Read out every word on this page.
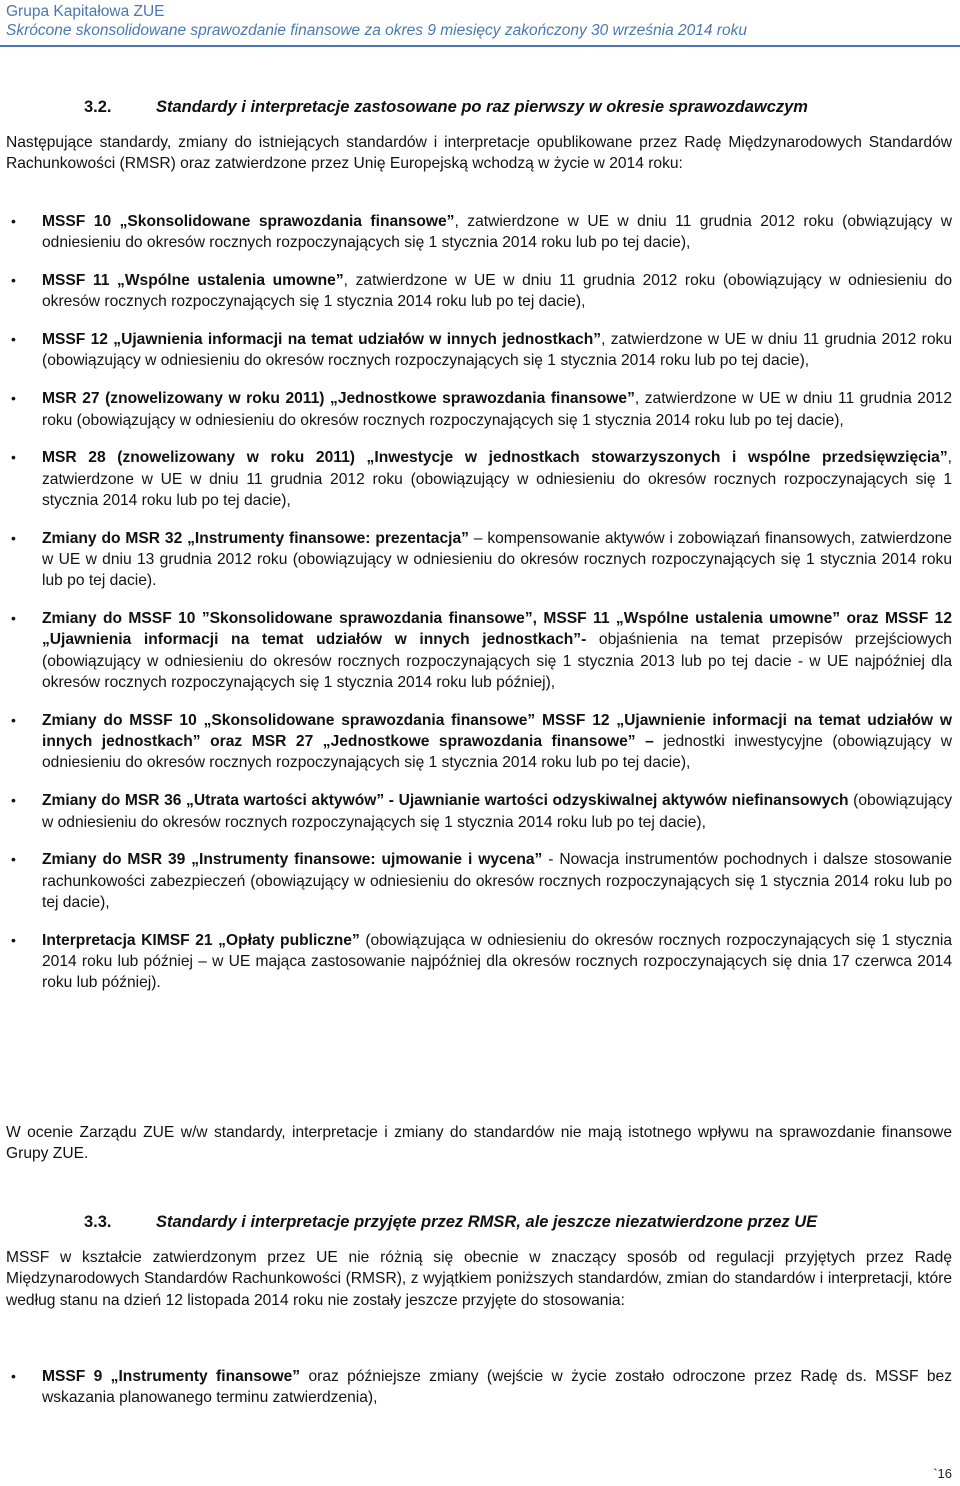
Grupa Kapitałowa ZUE
Skrócone skonsolidowane sprawozdanie finansowe za okres 9 miesięcy zakończony 30 września 2014 roku
3.2.	Standardy i interpretacje zastosowane po raz pierwszy w okresie sprawozdawczym
Następujące standardy, zmiany do istniejących standardów i interpretacje opublikowane przez Radę Międzynarodowych Standardów Rachunkowości (RMSR) oraz zatwierdzone przez Unię Europejską wchodzą w życie w 2014 roku:
• MSSF 10 „Skonsolidowane sprawozdania finansowe”, zatwierdzone w UE w dniu 11 grudnia 2012 roku (obwiązujący w odniesieniu do okresów rocznych rozpoczynających się 1 stycznia 2014 roku lub po tej dacie),
• MSSF 11 „Wspólne ustalenia umowne”, zatwierdzone w UE w dniu 11 grudnia 2012 roku (obowiązujący w odniesieniu do okresów rocznych rozpoczynających się 1 stycznia 2014 roku lub po tej dacie),
• MSSF 12 „Ujawnienia informacji na temat udziałów w innych jednostkach”, zatwierdzone w UE w dniu 11 grudnia 2012 roku (obowiązujący w odniesieniu do okresów rocznych rozpoczynających się 1 stycznia 2014 roku lub po tej dacie),
• MSR 27 (znowelizowany w roku 2011) „Jednostkowe sprawozdania finansowe”, zatwierdzone w UE w dniu 11 grudnia 2012 roku (obowiązujący w odniesieniu do okresów rocznych rozpoczynających się 1 stycznia 2014 roku lub po tej dacie),
• MSR 28 (znowelizowany w roku 2011) „Inwestycje w jednostkach stowarzyszonych i wspólne przedsięwzięcia”, zatwierdzone w UE w dniu 11 grudnia 2012 roku (obowiązujący w odniesieniu do okresów rocznych rozpoczynających się 1 stycznia 2014 roku lub po tej dacie),
• Zmiany do MSR 32 „Instrumenty finansowe: prezentacja” – kompensowanie aktywów i zobowiązań finansowych, zatwierdzone w UE w dniu 13 grudnia 2012 roku (obowiązujący w odniesieniu do okresów rocznych rozpoczynających się 1 stycznia 2014 roku lub po tej dacie).
• Zmiany do MSSF 10 ”Skonsolidowane sprawozdania finansowe”, MSSF 11 „Wspólne ustalenia umowne” oraz MSSF 12 „Ujawnienia informacji na temat udziałów w innych jednostkach”- objaśnienia na temat przepisów przejściowych (obowiązujący w odniesieniu do okresów rocznych rozpoczynających się 1 stycznia 2013 lub po tej dacie - w UE najpóźniej dla okresów rocznych rozpoczynających się 1 stycznia 2014 roku lub później),
• Zmiany do MSSF 10 „Skonsolidowane sprawozdania finansowe” MSSF 12 „Ujawnienie informacji na temat udziałów w innych jednostkach” oraz MSR 27 „Jednostkowe sprawozdania finansowe” – jednostki inwestycyjne (obowiązujący w odniesieniu do okresów rocznych rozpoczynających się 1 stycznia 2014 roku lub po tej dacie),
• Zmiany do MSR 36 „Utrata wartości aktywów” - Ujawnianie wartości odzyskiwalnej aktywów niefinansowych (obowiązujący w odniesieniu do okresów rocznych rozpoczynających się 1 stycznia 2014 roku lub po tej dacie),
• Zmiany do MSR 39 „Instrumenty finansowe: ujmowanie i wycena” - Nowacja instrumentów pochodnych i dalsze stosowanie rachunkowości zabezpieczeń (obowiązujący w odniesieniu do okresów rocznych rozpoczynających się 1 stycznia 2014 roku lub po tej dacie),
• Interpretacja KIMSF 21 „Opłaty publiczne” (obowiązująca w odniesieniu do okresów rocznych rozpoczynających się 1 stycznia 2014 roku lub później – w UE mająca zastosowanie najpóźniej dla okresów rocznych rozpoczynających się dnia 17 czerwca 2014 roku lub później).
W ocenie Zarządu ZUE w/w standardy, interpretacje i zmiany do standardów nie mają istotnego wpływu na sprawozdanie finansowe Grupy ZUE.
3.3.	Standardy i interpretacje przyjęte przez RMSR, ale jeszcze niezatwierdzone przez UE
MSSF w kształcie zatwierdzonym przez UE nie różnią się obecnie w znaczący sposób od regulacji przyjętych przez Radę Międzynarodowych Standardów Rachunkowości (RMSR), z wyjątkiem poniższych standardów, zmian do standardów i interpretacji, które według stanu na dzień 12 listopada 2014 roku nie zostały jeszcze przyjęte do stosowania:
• MSSF 9 „Instrumenty finansowe” oraz późniejsze zmiany (wejście w życie zostało odroczone przez Radę ds. MSSF bez wskazania planowanego terminu zatwierdzenia),
`16
